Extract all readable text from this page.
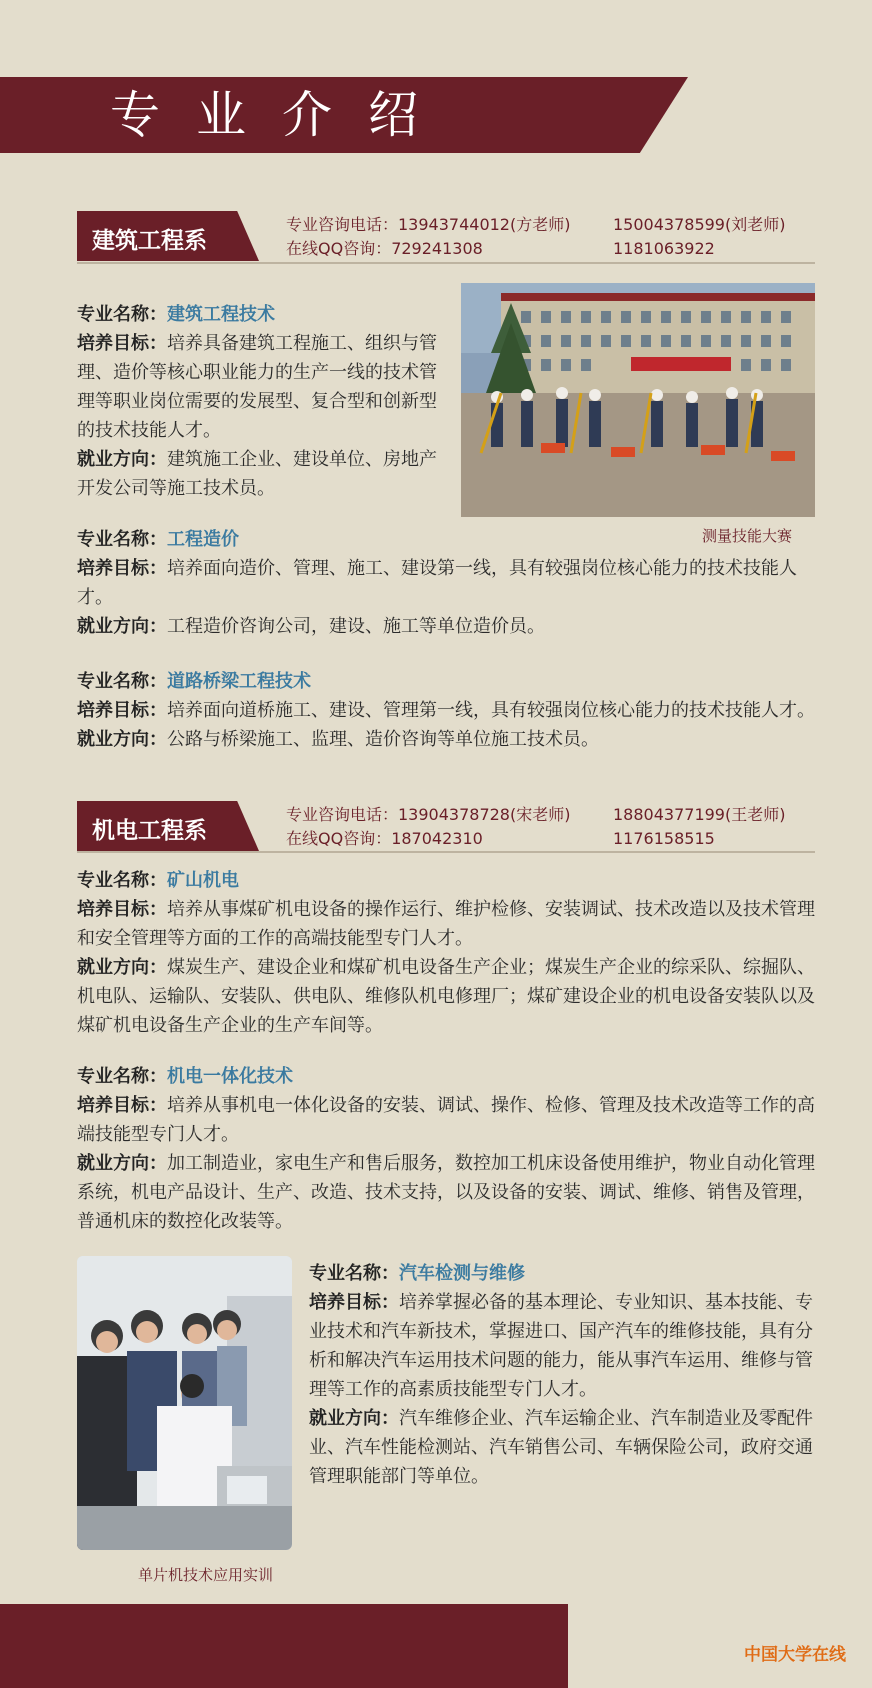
专业介绍
建筑工程系
专业咨询电话：13943744012(方老师)	15004378599(刘老师)
在线QQ咨询：729241308	1181063922
测量技能大赛

专业名称：建筑工程技术

培养目标：培养具备建筑工程施工、组织与管理、造价等核心职业能力的生产一线的技术管理等职业岗位需要的发展型、复合型和创新型的技术技能人才。

就业方向：建筑施工企业、建设单位、房地产开发公司等施工技术员。

专业名称：工程造价

培养目标：培养面向造价、管理、施工、建设第一线，具有较强岗位核心能力的技术技能人才。

就业方向：工程造价咨询公司，建设、施工等单位造价员。

专业名称：道路桥梁工程技术

培养目标：培养面向道桥施工、建设、管理第一线，具有较强岗位核心能力的技术技能人才。

就业方向：公路与桥梁施工、监理、造价咨询等单位施工技术员。

机电工程系
专业咨询电话：13904378728(宋老师)	18804377199(王老师)
在线QQ咨询：187042310	1176158515

专业名称：矿山机电

培养目标：培养从事煤矿机电设备的操作运行、维护检修、安装调试、技术改造以及技术管理和安全管理等方面的工作的高端技能型专门人才。

就业方向：煤炭生产、建设企业和煤矿机电设备生产企业；煤炭生产企业的综采队、综掘队、机电队、运输队、安装队、供电队、维修队机电修理厂；煤矿建设企业的机电设备安装队以及煤矿机电设备生产企业的生产车间等。

专业名称：机电一体化技术

培养目标：培养从事机电一体化设备的安装、调试、操作、检修、管理及技术改造等工作的高端技能型专门人才。

就业方向：加工制造业，家电生产和售后服务，数控加工机床设备使用维护，物业自动化管理系统，机电产品设计、生产、改造、技术支持，以及设备的安装、调试、维修、销售及管理，普通机床的数控化改装等。

单片机技术应用实训

专业名称：汽车检测与维修

培养目标：培养掌握必备的基本理论、专业知识、基本技能、专业技术和汽车新技术，掌握进口、国产汽车的维修技能，具有分析和解决汽车运用技术问题的能力，能从事汽车运用、维修与管理等工作的高素质技能型专门人才。

就业方向：汽车维修企业、汽车运输企业、汽车制造业及零配件业、汽车性能检测站、汽车销售公司、车辆保险公司，政府交通管理职能部门等单位。

中国大学在线
